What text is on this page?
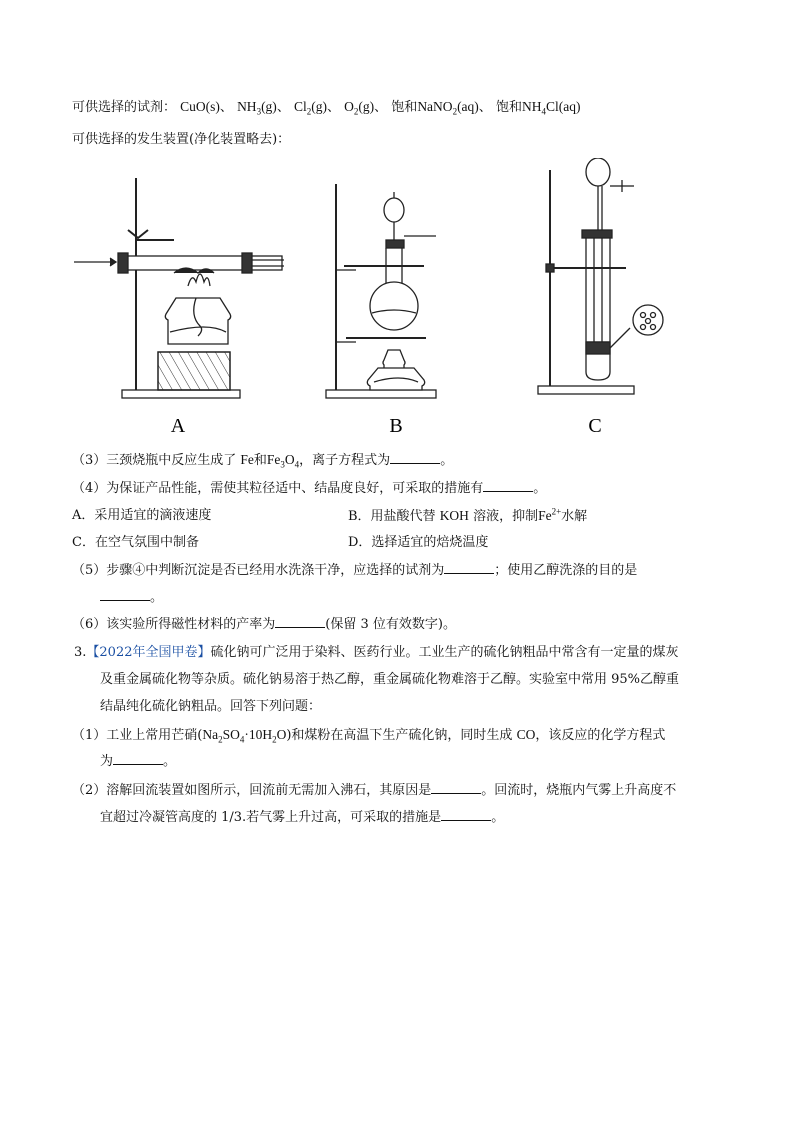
可供选择的试剂： CuO(s)、 $NH_3(g)$、 $Cl_2(g)$、 $O_2(g)$、 饱和NaNO$_2$(aq)、 饱和$NH_4Cl(aq)$
可供选择的发生装置(净化装置略去)：
A	B	C
（3）三颈烧瓶中反应生成了 Fe和$Fe_3O_4$，离子方程式为	。
（4）为保证产品性能，需使其粒径适中、结晶度良好，可采取的措施有	。
A．采用适宜的滴液速度	B．用盐酸代替 KOH 溶液，抑制$Fe^{2+}$水解
C．在空气氛围中制备	D．选择适宜的焙烧温度
（5）步骤④中判断沉淀是否已经用水洗涤干净，应选择的试剂为	；使用乙醇洗涤的目的是
。
（6）该实验所得磁性材料的产率为	(保留 3 位有效数字)。
3.【2022年全国甲卷】硫化钠可广泛用于染料、医药行业。工业生产的硫化钠粗品中常含有一定量的煤灰
及重金属硫化物等杂质。硫化钠易溶于热乙醇，重金属硫化物难溶于乙醇。实验室中常用 95%乙醇重
结晶纯化硫化钠粗品。回答下列问题：
（1）工业上常用芒硝$(Na_2SO_4\cdot 10H_2O)$和煤粉在高温下生产硫化钠，同时生成 CO，该反应的化学方程式
为	。
（2）溶解回流装置如图所示，回流前无需加入沸石，其原因是	。回流时，烧瓶内气雾上升高度不
宜超过冷凝管高度的 1/3.若气雾上升过高，可采取的措施是	。
